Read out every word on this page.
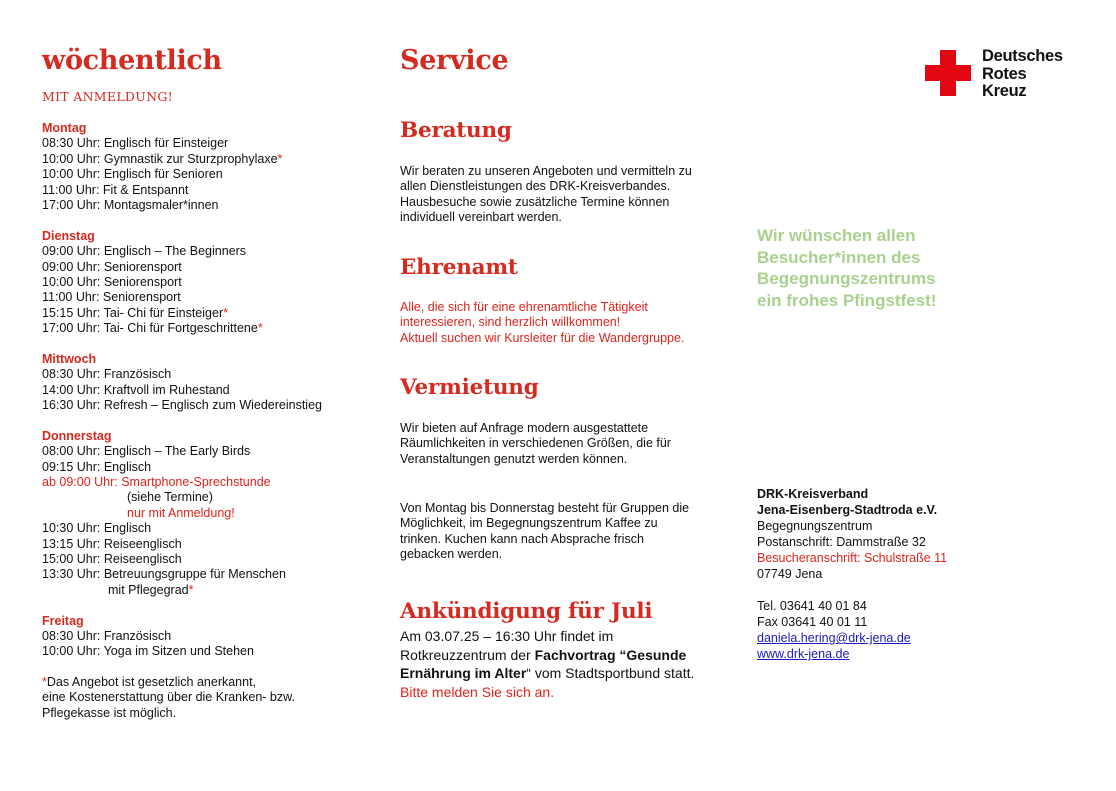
wöchentlich
MIT ANMELDUNG!
Montag
08:30 Uhr: Englisch für Einsteiger
10:00 Uhr: Gymnastik zur Sturzprophylaxe*
10:00 Uhr: Englisch für Senioren
11:00 Uhr: Fit & Entspannt
17:00 Uhr: Montagsmaler*innen
Dienstag
09:00 Uhr: Englisch – The Beginners
09:00 Uhr: Seniorensport
10:00 Uhr: Seniorensport
11:00 Uhr: Seniorensport
15:15 Uhr: Tai- Chi für Einsteiger*
17:00 Uhr: Tai- Chi für Fortgeschrittene*
Mittwoch
08:30 Uhr: Französisch
14:00 Uhr: Kraftvoll im Ruhestand
16:30 Uhr: Refresh – Englisch zum Wiedereinstieg
Donnerstag
08:00 Uhr: Englisch – The Early Birds
09:15 Uhr: Englisch
ab 09:00 Uhr: Smartphone-Sprechstunde
(siehe Termine)
nur mit Anmeldung!
10:30 Uhr: Englisch
13:15 Uhr: Reiseenglisch
15:00 Uhr: Reiseenglisch
13:30 Uhr: Betreuungsgruppe für Menschen
mit Pflegegrad*
Freitag
08:30 Uhr: Französisch
10:00 Uhr: Yoga im Sitzen und Stehen
*Das Angebot ist gesetzlich anerkannt,
eine Kostenerstattung über die Kranken- bzw.
Pflegekasse ist möglich.
Service
Beratung
Wir beraten zu unseren Angeboten und vermitteln zu
allen Dienstleistungen des DRK-Kreisverbandes.
Hausbesuche sowie zusätzliche Termine können
individuell vereinbart werden.
Ehrenamt
Alle, die sich für eine ehrenamtliche Tätigkeit
interessieren, sind herzlich willkommen!
Aktuell suchen wir Kursleiter für die Wandergruppe.
Vermietung
Wir bieten auf Anfrage modern ausgestattete
Räumlichkeiten in verschiedenen Größen, die für
Veranstaltungen genutzt werden können.
Von Montag bis Donnerstag besteht für Gruppen die
Möglichkeit, im Begegnungszentrum Kaffee zu
trinken. Kuchen kann nach Absprache frisch
gebacken werden.
Ankündigung für Juli
Am 03.07.25 – 16:30 Uhr findet im
Rotkreuzzentrum der Fachvortrag “Gesunde
Ernährung im Alter“ vom Stadtsportbund statt.
Bitte melden Sie sich an.
Deutsches
Rotes
Kreuz
Wir wünschen allen
Besucher*innen des
Begegnungszentrums
ein frohes Pfingstfest!
DRK-Kreisverband
Jena-Eisenberg-Stadtroda e.V.
Begegnungszentrum
Postanschrift: Dammstraße 32
Besucheranschrift: Schulstraße 11
07749 Jena
Tel. 03641 40 01 84
Fax 03641 40 01 11
daniela.hering@drk-jena.de
www.drk-jena.de
